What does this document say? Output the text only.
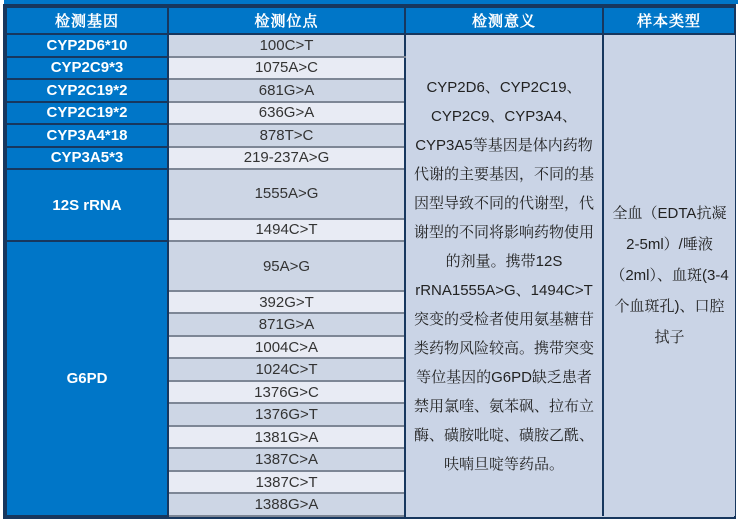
检测基因	检测位点	检测意义	样本类型
CYP2D6*10	100C>T	CYP2D6、CYP2C19、CYP2C9、CYP3A4、CYP3A5等基因是体内药物代谢的主要基因，不同的基因型导致不同的代谢型，代谢型的不同将影响药物使用的剂量。携带12S rRNA1555A>G、1494C>T突变的受检者使用氨基糖苷类药物风险较高。携带突变等位基因的G6PD缺乏患者禁用氯喹、氨苯砜、拉布立酶、磺胺吡啶、磺胺乙酰、呋喃旦啶等药品。	全血（EDTA抗凝2-5ml）/唾液（2ml）、血斑(3-4个血斑孔)、口腔拭子
CYP2C9*3	1075A>C		
CYP2C19*2	681G>A		
CYP2C19*2	636G>A		
CYP3A4*18	878T>C		
CYP3A5*3	219-237A>G		
12S rRNA	1555A>G		
	1494C>T		
G6PD	95A>G		
	392G>T		
	871G>A		
	1004C>A		
	1024C>T		
	1376G>C		
	1376G>T		
	1381G>A		
	1387C>A		
	1387C>T		
	1388G>A		
